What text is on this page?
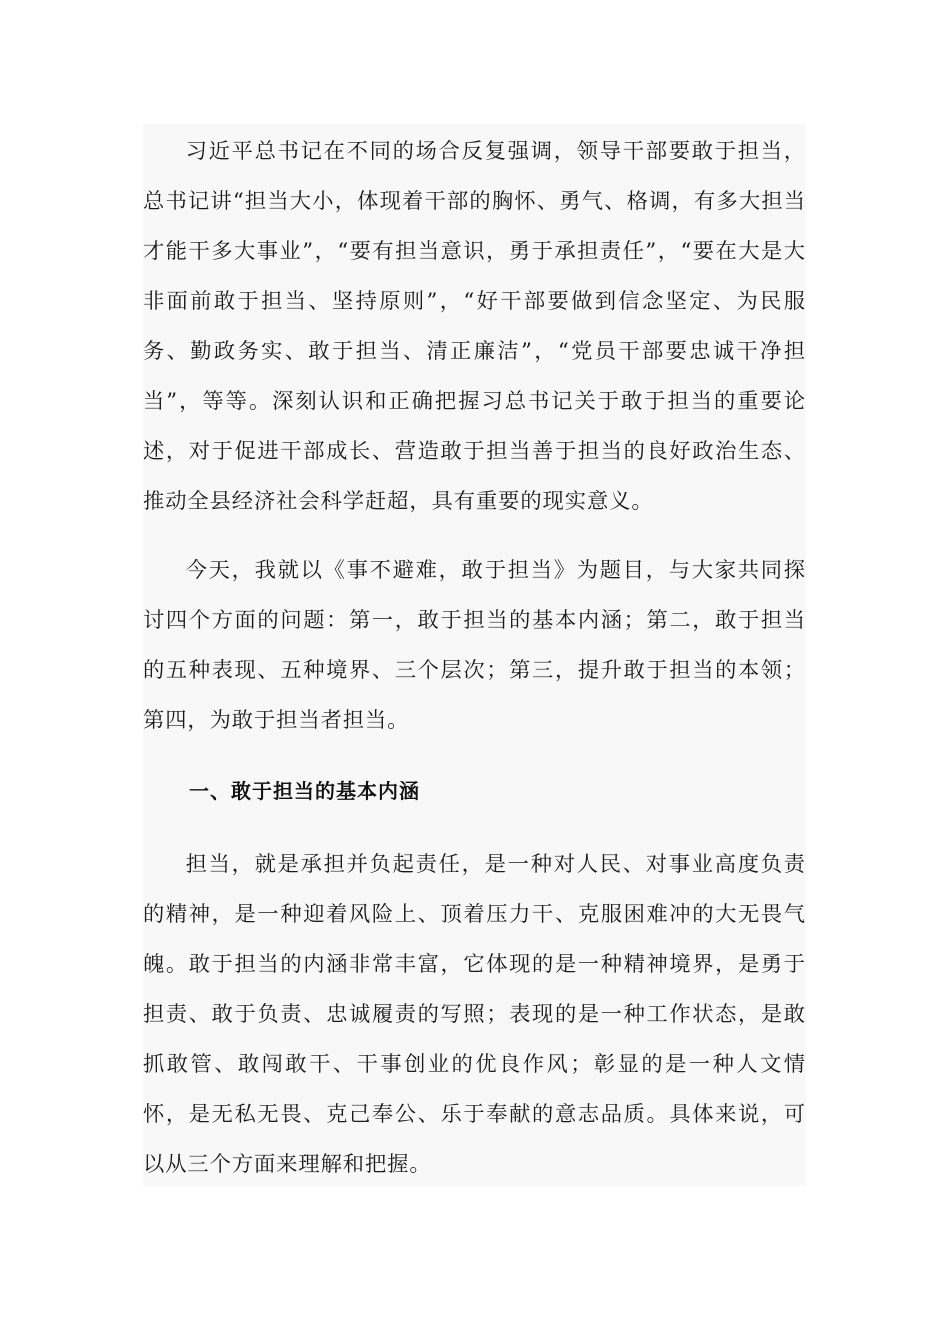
习近平总书记在不同的场合反复强调，领导干部要敢于担当，总书记讲“担当大小，体现着干部的胸怀、勇气、格调，有多大担当才能干多大事业”，“要有担当意识，勇于承担责任”，“要在大是大非面前敢于担当、坚持原则”，“好干部要做到信念坚定、为民服务、勤政务实、敢于担当、清正廉洁”，“党员干部要忠诚干净担当”，等等。深刻认识和正确把握习总书记关于敢于担当的重要论述，对于促进干部成长、营造敢于担当善于担当的良好政治生态、推动全县经济社会科学赶超，具有重要的现实意义。

今天，我就以《事不避难，敢于担当》为题目，与大家共同探讨四个方面的问题：第一，敢于担当的基本内涵；第二，敢于担当的五种表现、五种境界、三个层次；第三，提升敢于担当的本领；第四，为敢于担当者担当。

一、敢于担当的基本内涵

担当，就是承担并负起责任，是一种对人民、对事业高度负责的精神，是一种迎着风险上、顶着压力干、克服困难冲的大无畏气魄。敢于担当的内涵非常丰富，它体现的是一种精神境界，是勇于担责、敢于负责、忠诚履责的写照；表现的是一种工作状态，是敢抓敢管、敢闯敢干、干事创业的优良作风；彰显的是一种人文情怀，是无私无畏、克己奉公、乐于奉献的意志品质。具体来说，可以从三个方面来理解和把握。
